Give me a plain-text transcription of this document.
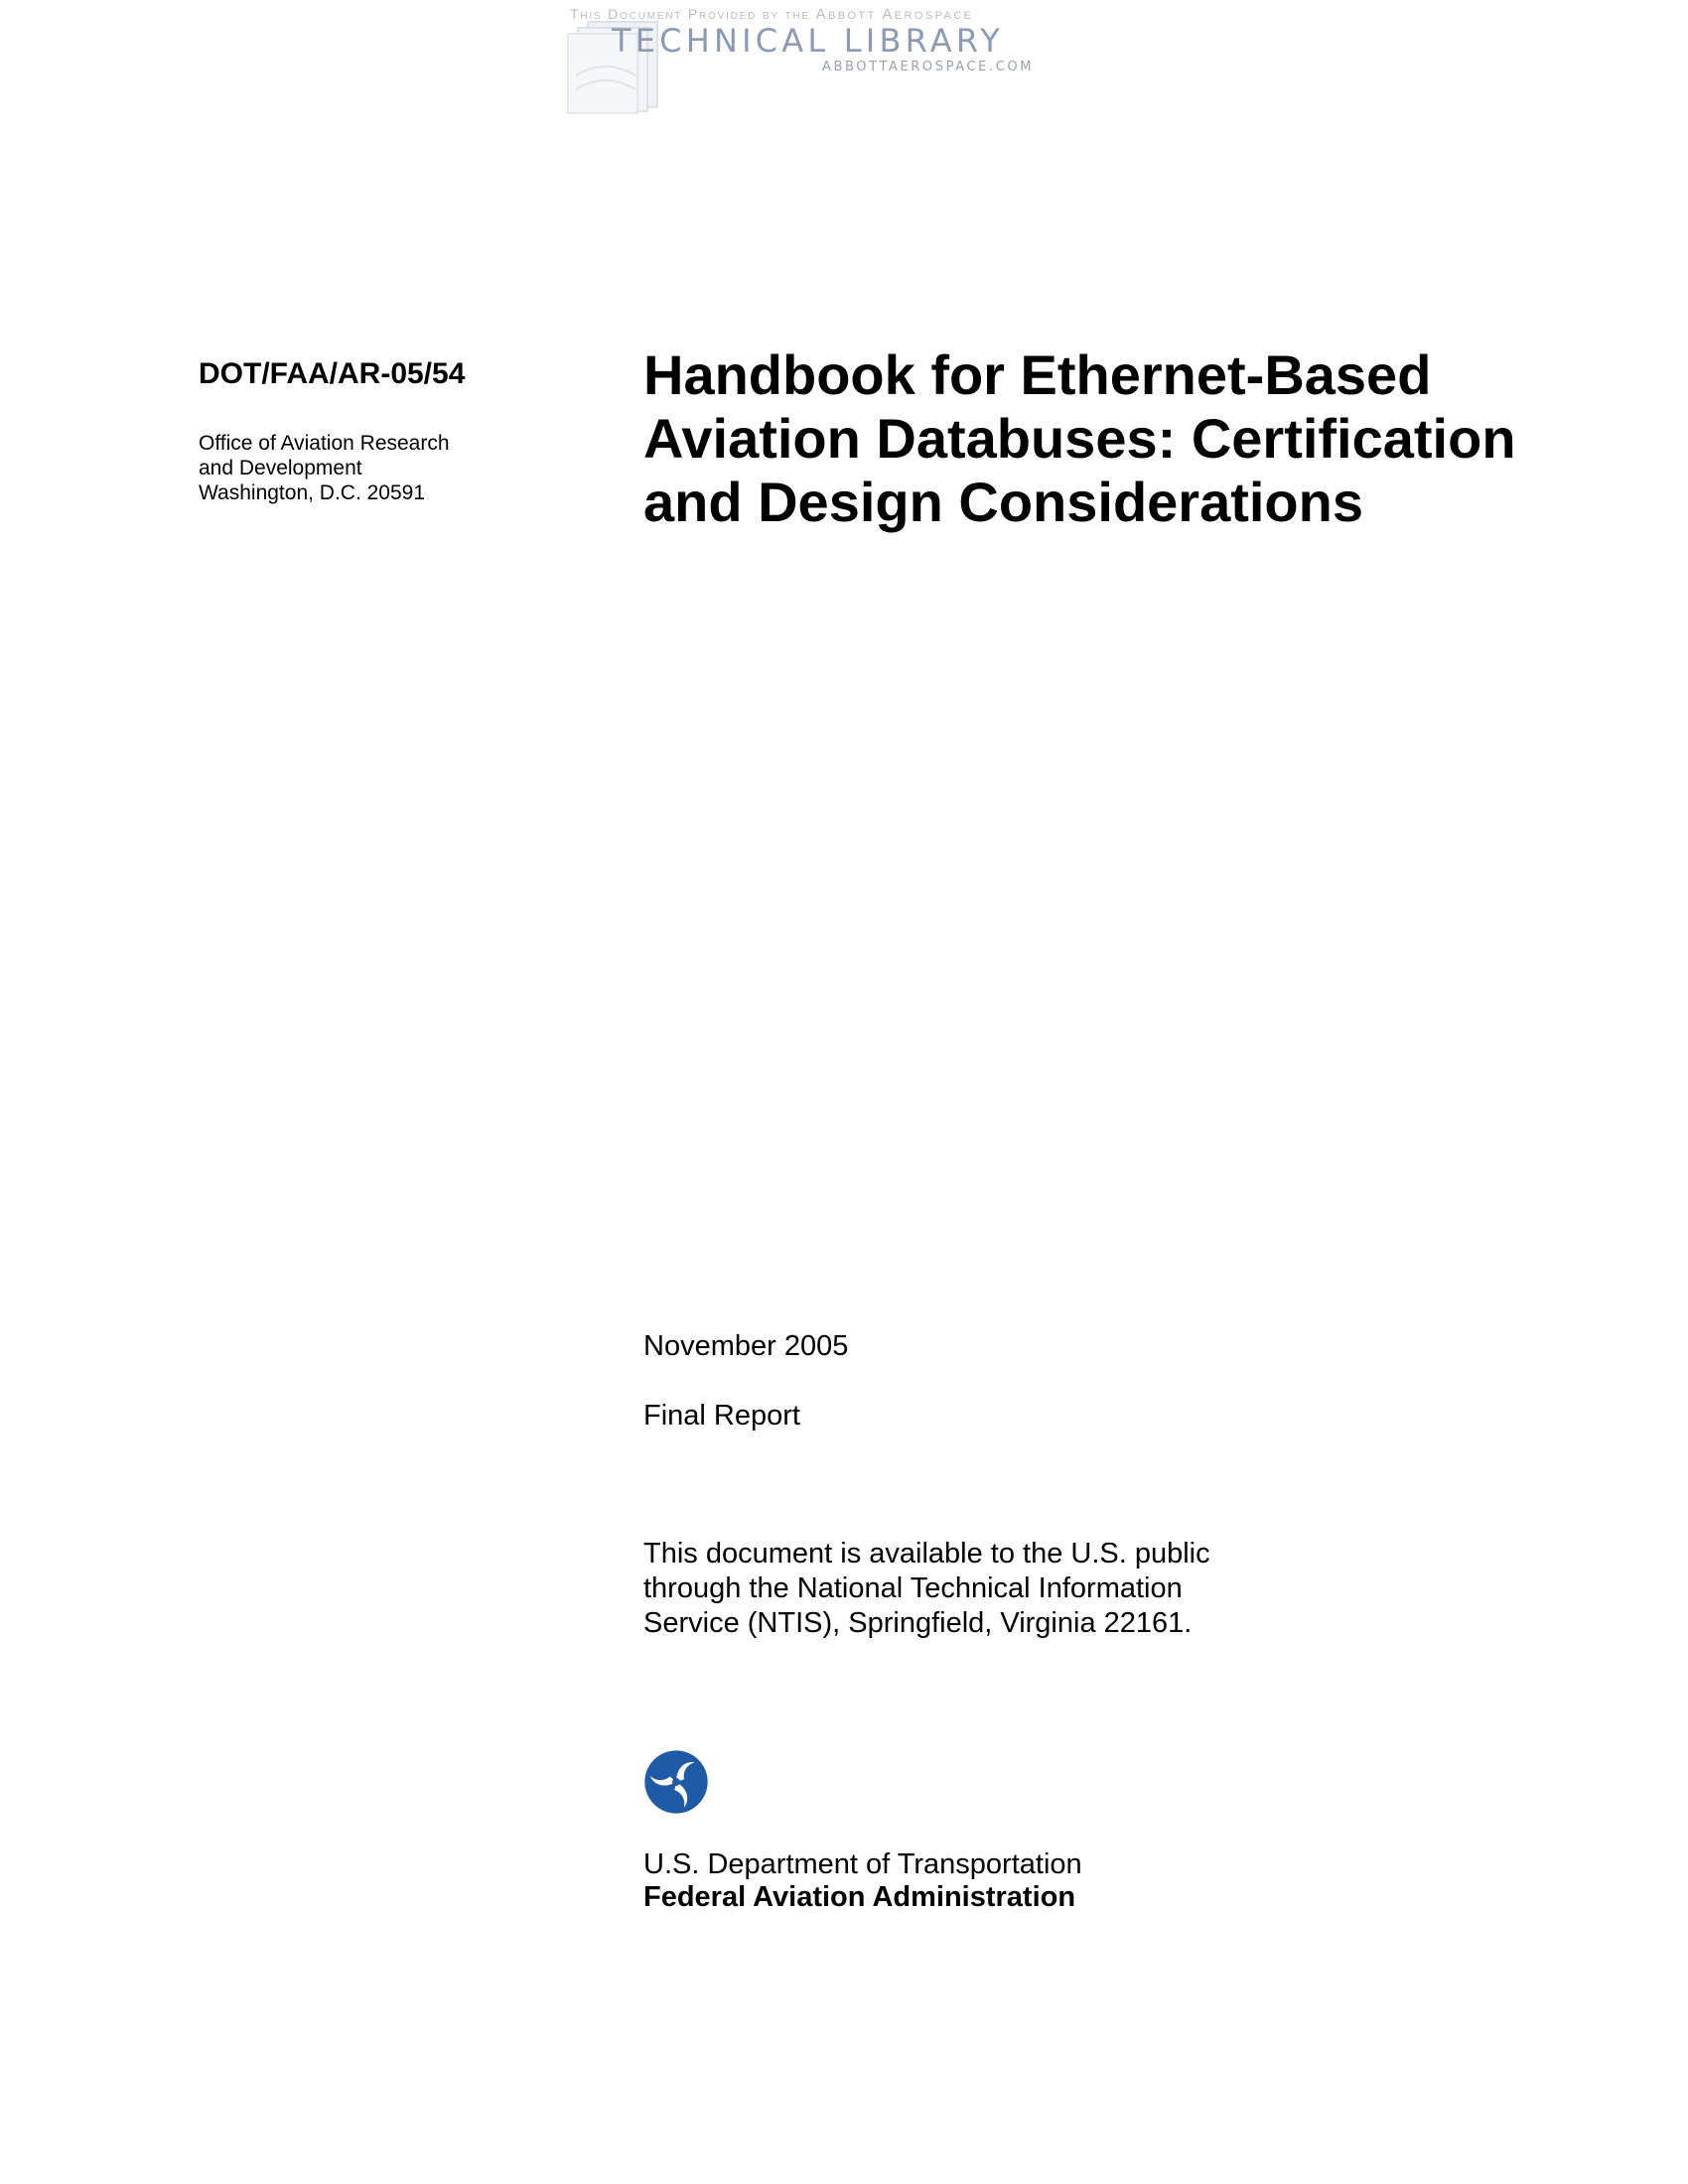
This Document Provided by the Abbott Aerospace
TECHNICAL LIBRARY
ABBOTTAEROSPACE.COM
DOT/FAA/AR-05/54
Office of Aviation Research
and Development
Washington, D.C. 20591
Handbook for Ethernet-Based
Aviation Databuses: Certification
and Design Considerations
November 2005
Final Report
This document is available to the U.S. public
through the National Technical Information
Service (NTIS), Springfield, Virginia 22161.
U.S. Department of Transportation
Federal Aviation Administration
